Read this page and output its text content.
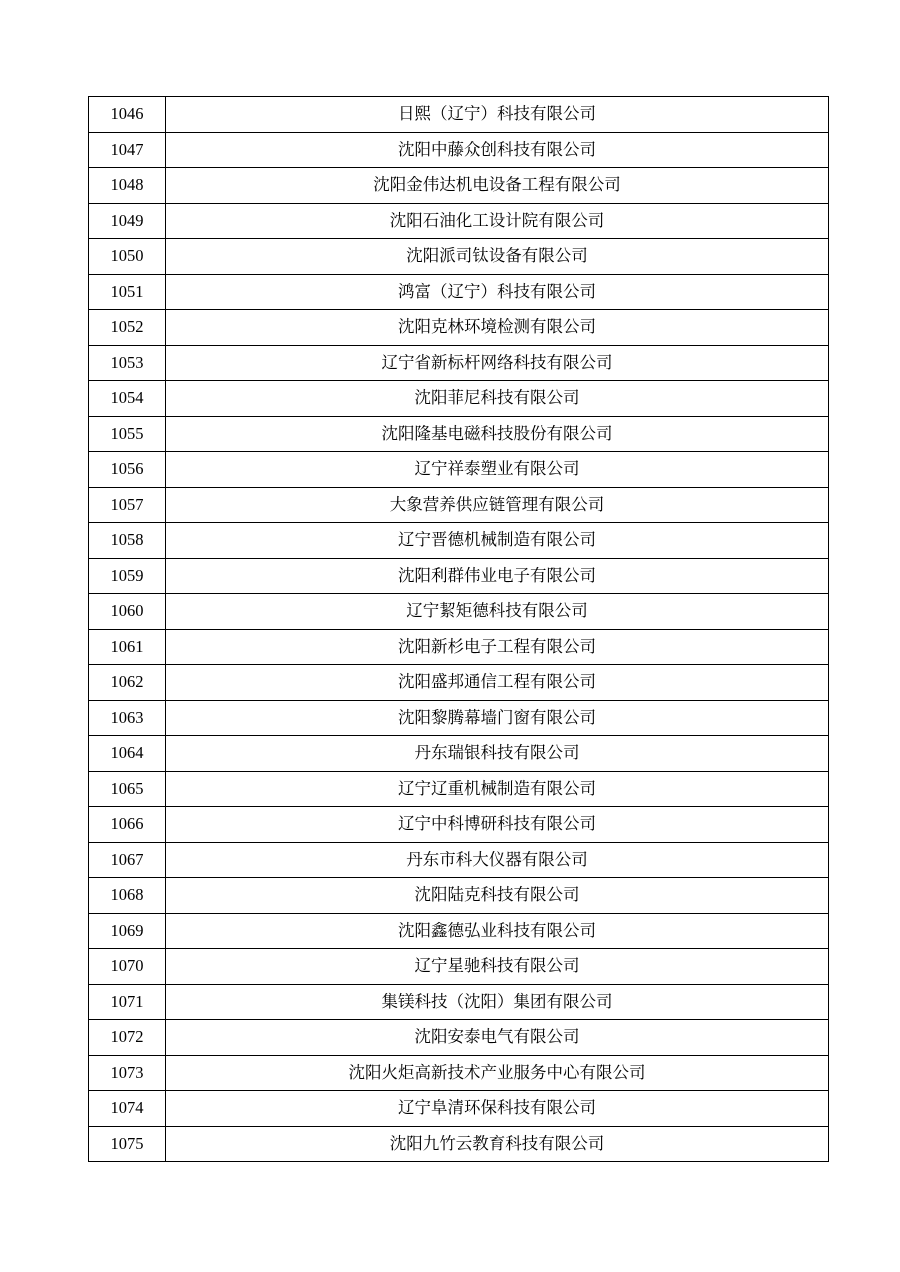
1046	日熙（辽宁）科技有限公司
1047	沈阳中藤众创科技有限公司
1048	沈阳金伟达机电设备工程有限公司
1049	沈阳石油化工设计院有限公司
1050	沈阳派司钛设备有限公司
1051	鸿富（辽宁）科技有限公司
1052	沈阳克林环境检测有限公司
1053	辽宁省新标杆网络科技有限公司
1054	沈阳菲尼科技有限公司
1055	沈阳隆基电磁科技股份有限公司
1056	辽宁祥泰塑业有限公司
1057	大象营养供应链管理有限公司
1058	辽宁晋德机械制造有限公司
1059	沈阳利群伟业电子有限公司
1060	辽宁絜矩德科技有限公司
1061	沈阳新杉电子工程有限公司
1062	沈阳盛邦通信工程有限公司
1063	沈阳黎腾幕墙门窗有限公司
1064	丹东瑞银科技有限公司
1065	辽宁辽重机械制造有限公司
1066	辽宁中科博研科技有限公司
1067	丹东市科大仪器有限公司
1068	沈阳陆克科技有限公司
1069	沈阳鑫德弘业科技有限公司
1070	辽宁星驰科技有限公司
1071	集镁科技（沈阳）集团有限公司
1072	沈阳安泰电气有限公司
1073	沈阳火炬高新技术产业服务中心有限公司
1074	辽宁阜清环保科技有限公司
1075	沈阳九竹云教育科技有限公司
